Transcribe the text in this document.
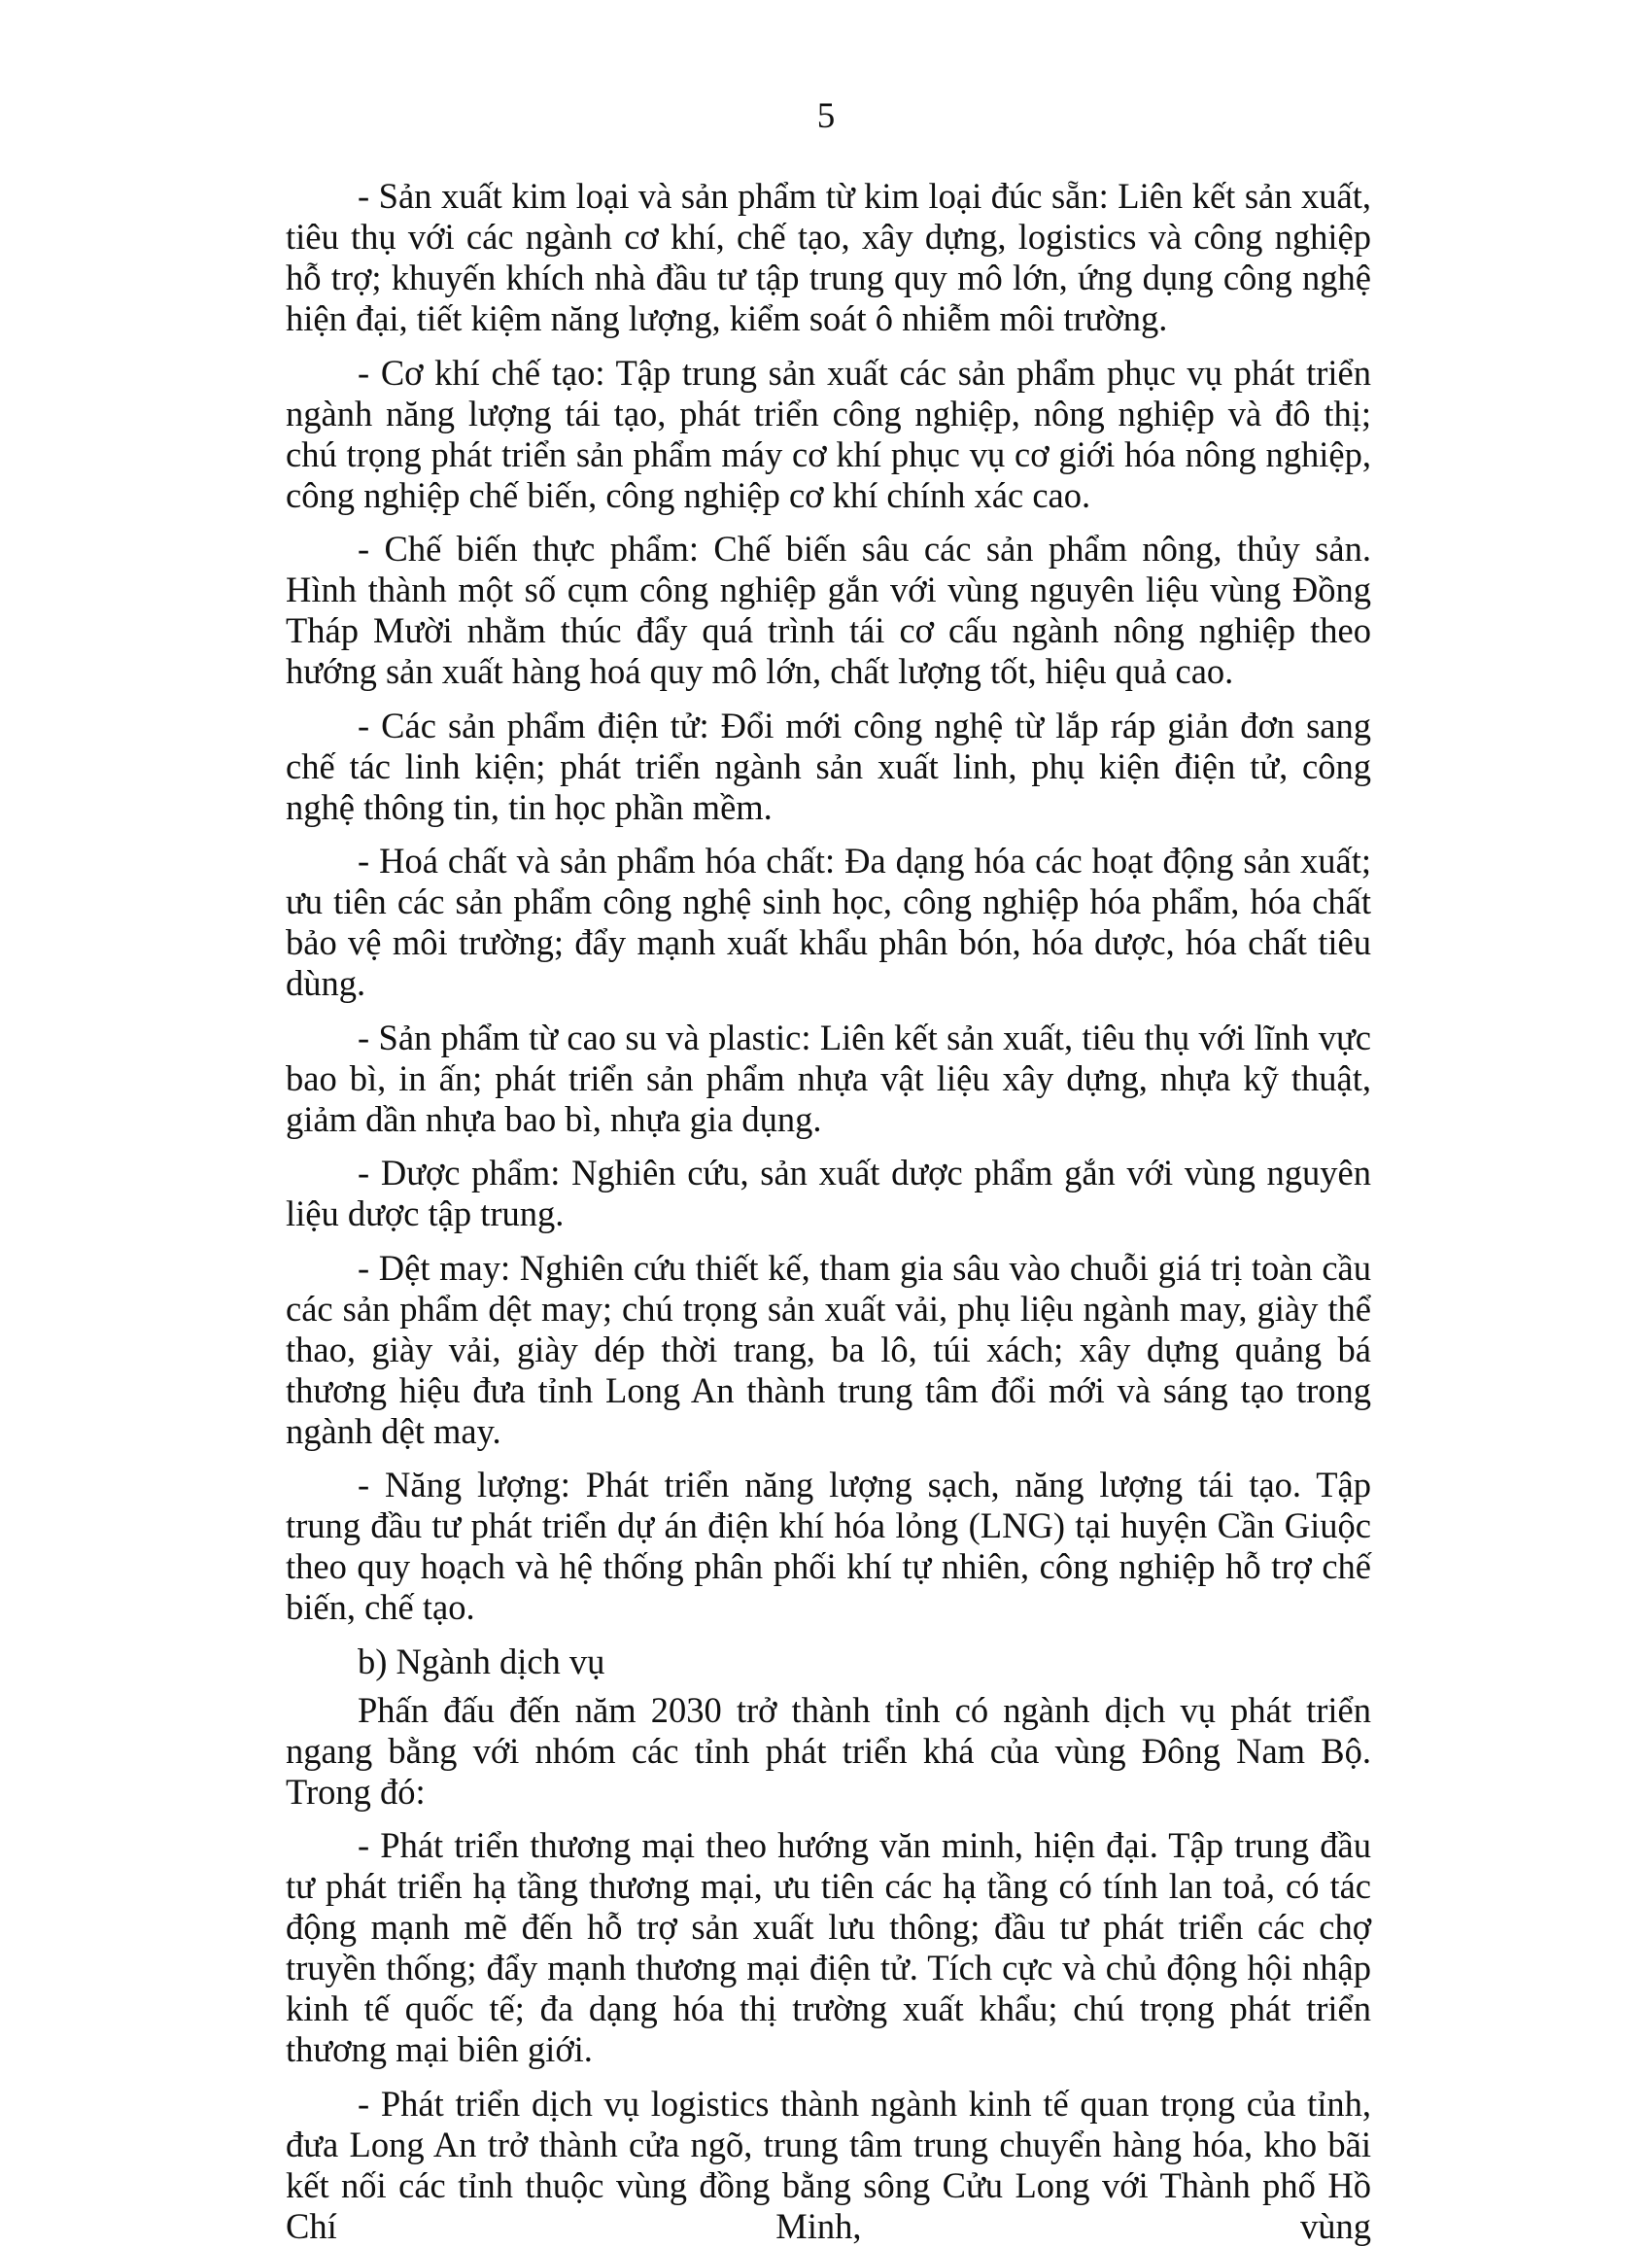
5

- Sản xuất kim loại và sản phẩm từ kim loại đúc sẵn: Liên kết sản xuất, tiêu thụ với các ngành cơ khí, chế tạo, xây dựng, logistics và công nghiệp hỗ trợ; khuyến khích nhà đầu tư tập trung quy mô lớn, ứng dụng công nghệ hiện đại, tiết kiệm năng lượng, kiểm soát ô nhiễm môi trường.

- Cơ khí chế tạo: Tập trung sản xuất các sản phẩm phục vụ phát triển ngành năng lượng tái tạo, phát triển công nghiệp, nông nghiệp và đô thị; chú trọng phát triển sản phẩm máy cơ khí phục vụ cơ giới hóa nông nghiệp, công nghiệp chế biến, công nghiệp cơ khí chính xác cao.

- Chế biến thực phẩm: Chế biến sâu các sản phẩm nông, thủy sản. Hình thành một số cụm công nghiệp gắn với vùng nguyên liệu vùng Đồng Tháp Mười nhằm thúc đẩy quá trình tái cơ cấu ngành nông nghiệp theo hướng sản xuất hàng hoá quy mô lớn, chất lượng tốt, hiệu quả cao.

- Các sản phẩm điện tử: Đổi mới công nghệ từ lắp ráp giản đơn sang chế tác linh kiện; phát triển ngành sản xuất linh, phụ kiện điện tử, công nghệ thông tin, tin học phần mềm.

- Hoá chất và sản phẩm hóa chất: Đa dạng hóa các hoạt động sản xuất; ưu tiên các sản phẩm công nghệ sinh học, công nghiệp hóa phẩm, hóa chất bảo vệ môi trường; đẩy mạnh xuất khẩu phân bón, hóa dược, hóa chất tiêu dùng.

- Sản phẩm từ cao su và plastic: Liên kết sản xuất, tiêu thụ với lĩnh vực bao bì, in ấn; phát triển sản phẩm nhựa vật liệu xây dựng, nhựa kỹ thuật, giảm dần nhựa bao bì, nhựa gia dụng.

- Dược phẩm: Nghiên cứu, sản xuất dược phẩm gắn với vùng nguyên liệu dược tập trung.

- Dệt may: Nghiên cứu thiết kế, tham gia sâu vào chuỗi giá trị toàn cầu các sản phẩm dệt may; chú trọng sản xuất vải, phụ liệu ngành may, giày thể thao, giày vải, giày dép thời trang, ba lô, túi xách; xây dựng quảng bá thương hiệu đưa tỉnh Long An thành trung tâm đổi mới và sáng tạo trong ngành dệt may.

- Năng lượng: Phát triển năng lượng sạch, năng lượng tái tạo. Tập trung đầu tư phát triển dự án điện khí hóa lỏng (LNG) tại huyện Cần Giuộc theo quy hoạch và hệ thống phân phối khí tự nhiên, công nghiệp hỗ trợ chế biến, chế tạo.

b) Ngành dịch vụ

Phấn đấu đến năm 2030 trở thành tỉnh có ngành dịch vụ phát triển ngang bằng với nhóm các tỉnh phát triển khá của vùng Đông Nam Bộ. Trong đó:

- Phát triển thương mại theo hướng văn minh, hiện đại. Tập trung đầu tư phát triển hạ tầng thương mại, ưu tiên các hạ tầng có tính lan toả, có tác động mạnh mẽ đến hỗ trợ sản xuất lưu thông; đầu tư phát triển các chợ truyền thống; đẩy mạnh thương mại điện tử. Tích cực và chủ động hội nhập kinh tế quốc tế; đa dạng hóa thị trường xuất khẩu; chú trọng phát triển thương mại biên giới.

- Phát triển dịch vụ logistics thành ngành kinh tế quan trọng của tỉnh, đưa Long An trở thành cửa ngõ, trung tâm trung chuyển hàng hóa, kho bãi kết nối các tỉnh thuộc vùng đồng bằng sông Cửu Long với Thành phố Hồ Chí Minh, vùng
